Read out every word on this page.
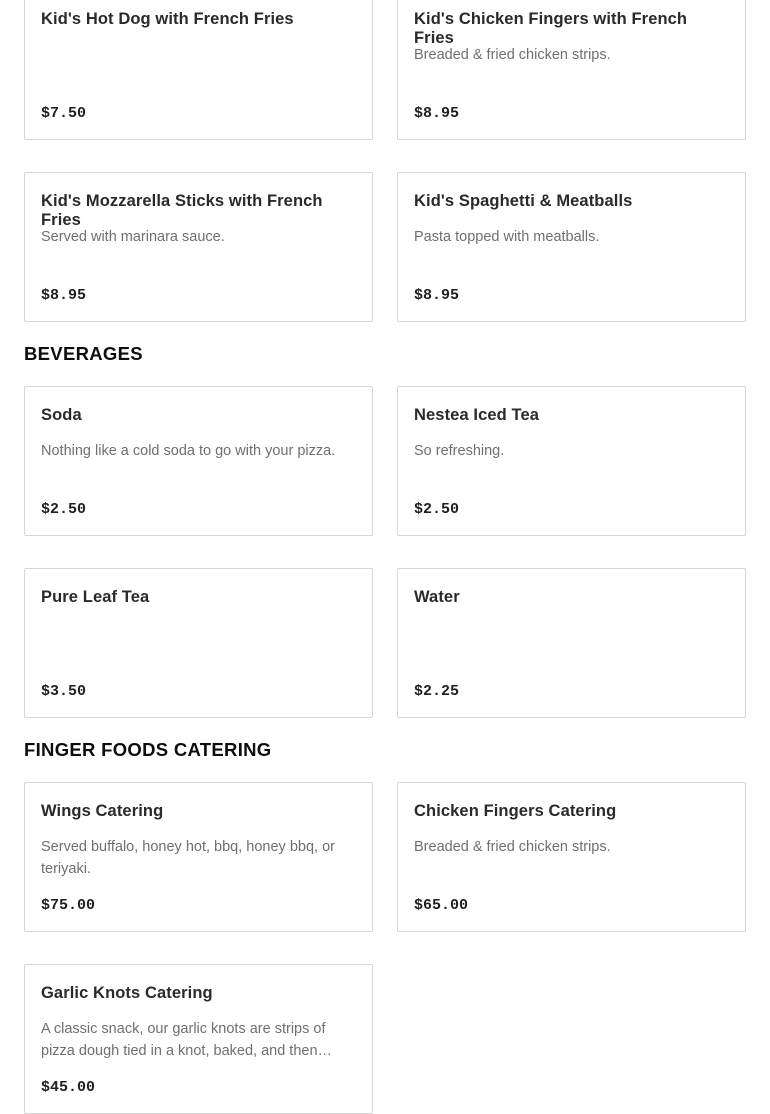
Kid's Hot Dog with French Fries
$7.50
Kid's Chicken Fingers with French Fries
Breaded & fried chicken strips.
$8.95
Kid's Mozzarella Sticks with French Fries
Served with marinara sauce.
$8.95
Kid's Spaghetti & Meatballs
Pasta topped with meatballs.
$8.95
BEVERAGES
Soda
Nothing like a cold soda to go with your pizza.
$2.50
Nestea Iced Tea
So refreshing.
$2.50
Pure Leaf Tea
$3.50
Water
$2.25
FINGER FOODS CATERING
Wings Catering
Served buffalo, honey hot, bbq, honey bbq, or teriyaki.
$75.00
Chicken Fingers Catering
Breaded & fried chicken strips.
$65.00
Garlic Knots Catering
A classic snack, our garlic knots are strips of pizza dough tied in a knot, baked, and then…
$45.00
